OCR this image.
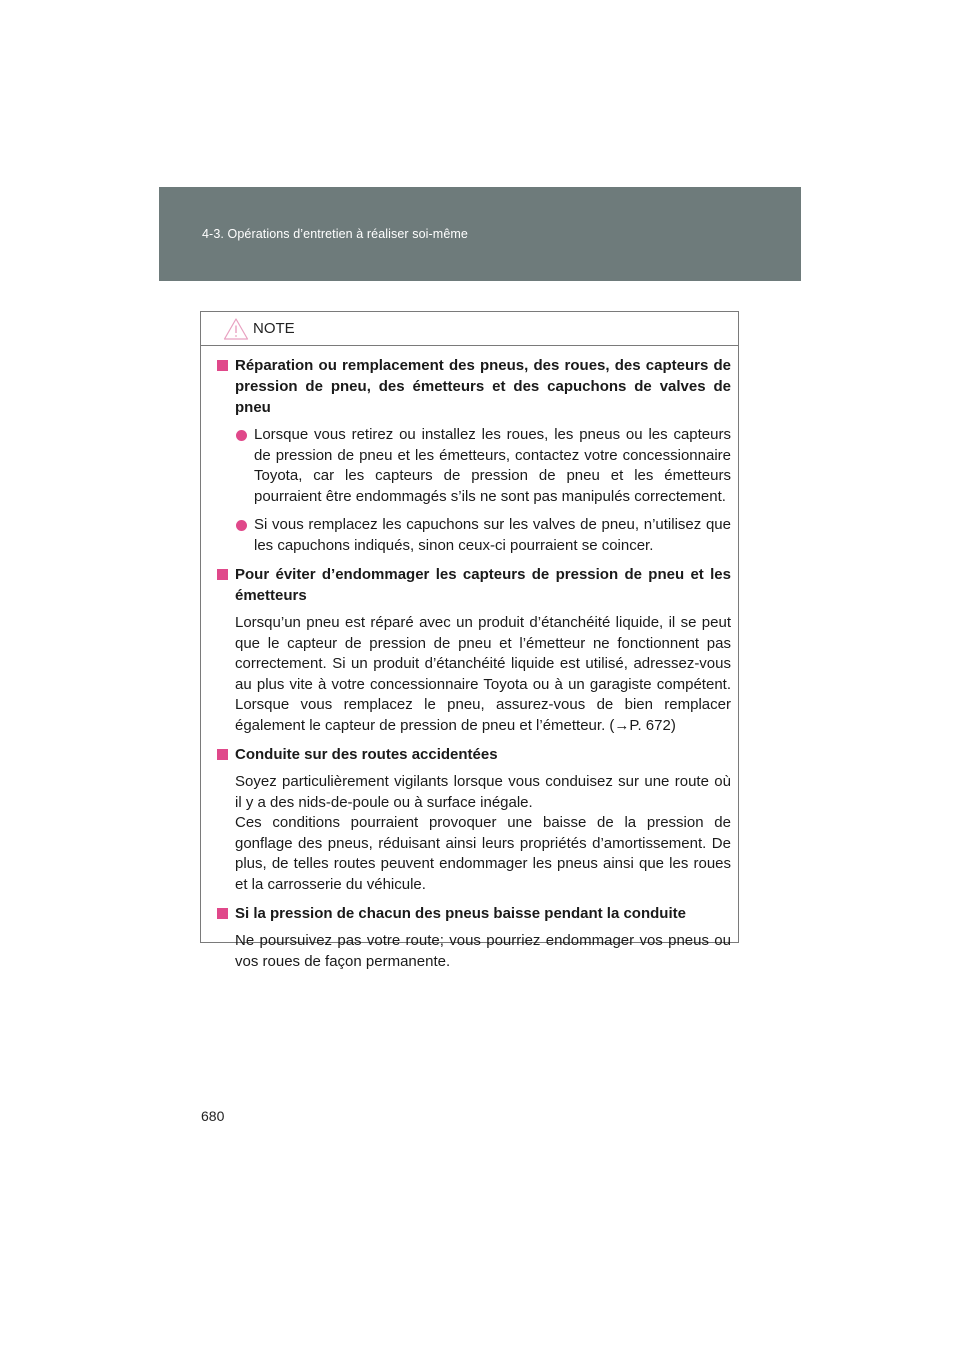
4-3. Opérations d’entretien à réaliser soi-même
NOTE
Réparation ou remplacement des pneus, des roues, des capteurs de pression de pneu, des émetteurs et des capuchons de valves de pneu
Lorsque vous retirez ou installez les roues, les pneus ou les capteurs de pression de pneu et les émetteurs, contactez votre concessionnaire Toyota, car les capteurs de pression de pneu et les émetteurs pourraient être endommagés s’ils ne sont pas manipulés correctement.
Si vous remplacez les capuchons sur les valves de pneu, n’utilisez que les capuchons indiqués, sinon ceux-ci pourraient se coincer.
Pour éviter d’endommager les capteurs de pression de pneu et les émetteurs
Lorsqu’un pneu est réparé avec un produit d’étanchéité liquide, il se peut que le capteur de pression de pneu et l’émetteur ne fonctionnent pas correctement. Si un produit d’étanchéité liquide est utilisé, adressez-vous au plus vite à votre concessionnaire Toyota ou à un garagiste compétent. Lorsque vous remplacez le pneu, assurez-vous de bien remplacer également le capteur de pression de pneu et l’émetteur. (→P. 672)
Conduite sur des routes accidentées
Soyez particulièrement vigilants lorsque vous conduisez sur une route où il y a des nids-de-poule ou à surface inégale.
Ces conditions pourraient provoquer une baisse de la pression de gonflage des pneus, réduisant ainsi leurs propriétés d’amortissement. De plus, de telles routes peuvent endommager les pneus ainsi que les roues et la carrosserie du véhicule.
Si la pression de chacun des pneus baisse pendant la conduite
Ne poursuivez pas votre route; vous pourriez endommager vos pneus ou vos roues de façon permanente.
680
